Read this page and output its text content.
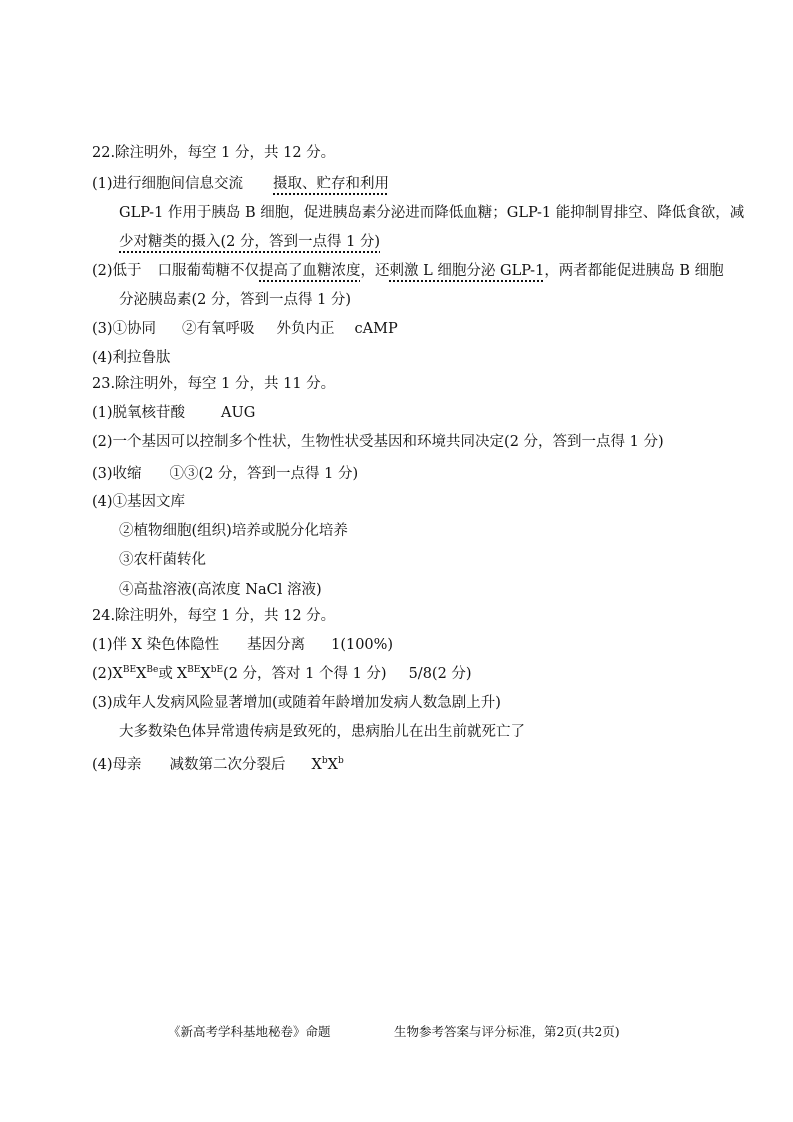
22.除注明外，每空 1 分，共 12 分。
(1)进行细胞间信息交流 摄取、贮存和利用
GLP-1 作用于胰岛 B 细胞，促进胰岛素分泌进而降低血糖；GLP-1 能抑制胃排空、降低食欲，减
少对糖类的摄入(2 分，答到一点得 1 分)
(2)低于 口服葡萄糖不仅提高了血糖浓度，还刺激 L 细胞分泌 GLP-1，两者都能促进胰岛 B 细胞
分泌胰岛素(2 分，答到一点得 1 分)
(3)①协同 ②有氧呼吸 外负内正 cAMP
(4)利拉鲁肽
23.除注明外，每空 1 分，共 11 分。
(1)脱氧核苷酸 AUG
(2)一个基因可以控制多个性状，生物性状受基因和环境共同决定(2 分，答到一点得 1 分)
(3)收缩 ①③(2 分，答到一点得 1 分)
(4)①基因文库
②植物细胞(组织)培养或脱分化培养
③农杆菌转化
④高盐溶液(高浓度 NaCl 溶液)
24.除注明外，每空 1 分，共 12 分。
(1)伴 X 染色体隐性 基因分离 1(100%)
$(2)X^{BE}X^{Be}$或 $X^{BE}X^{bE}(2$ 分，答对 1 个得 1 分) 5/8(2 分)
(3)成年人发病风险显著增加(或随着年龄增加发病人数急剧上升)
大多数染色体异常遗传病是致死的，患病胎儿在出生前就死亡了
(4)母亲 减数第二次分裂后 $X^bX^b$
《新高考学科基地秘卷》命题	生物参考答案与评分标准，第2页(共2页)
